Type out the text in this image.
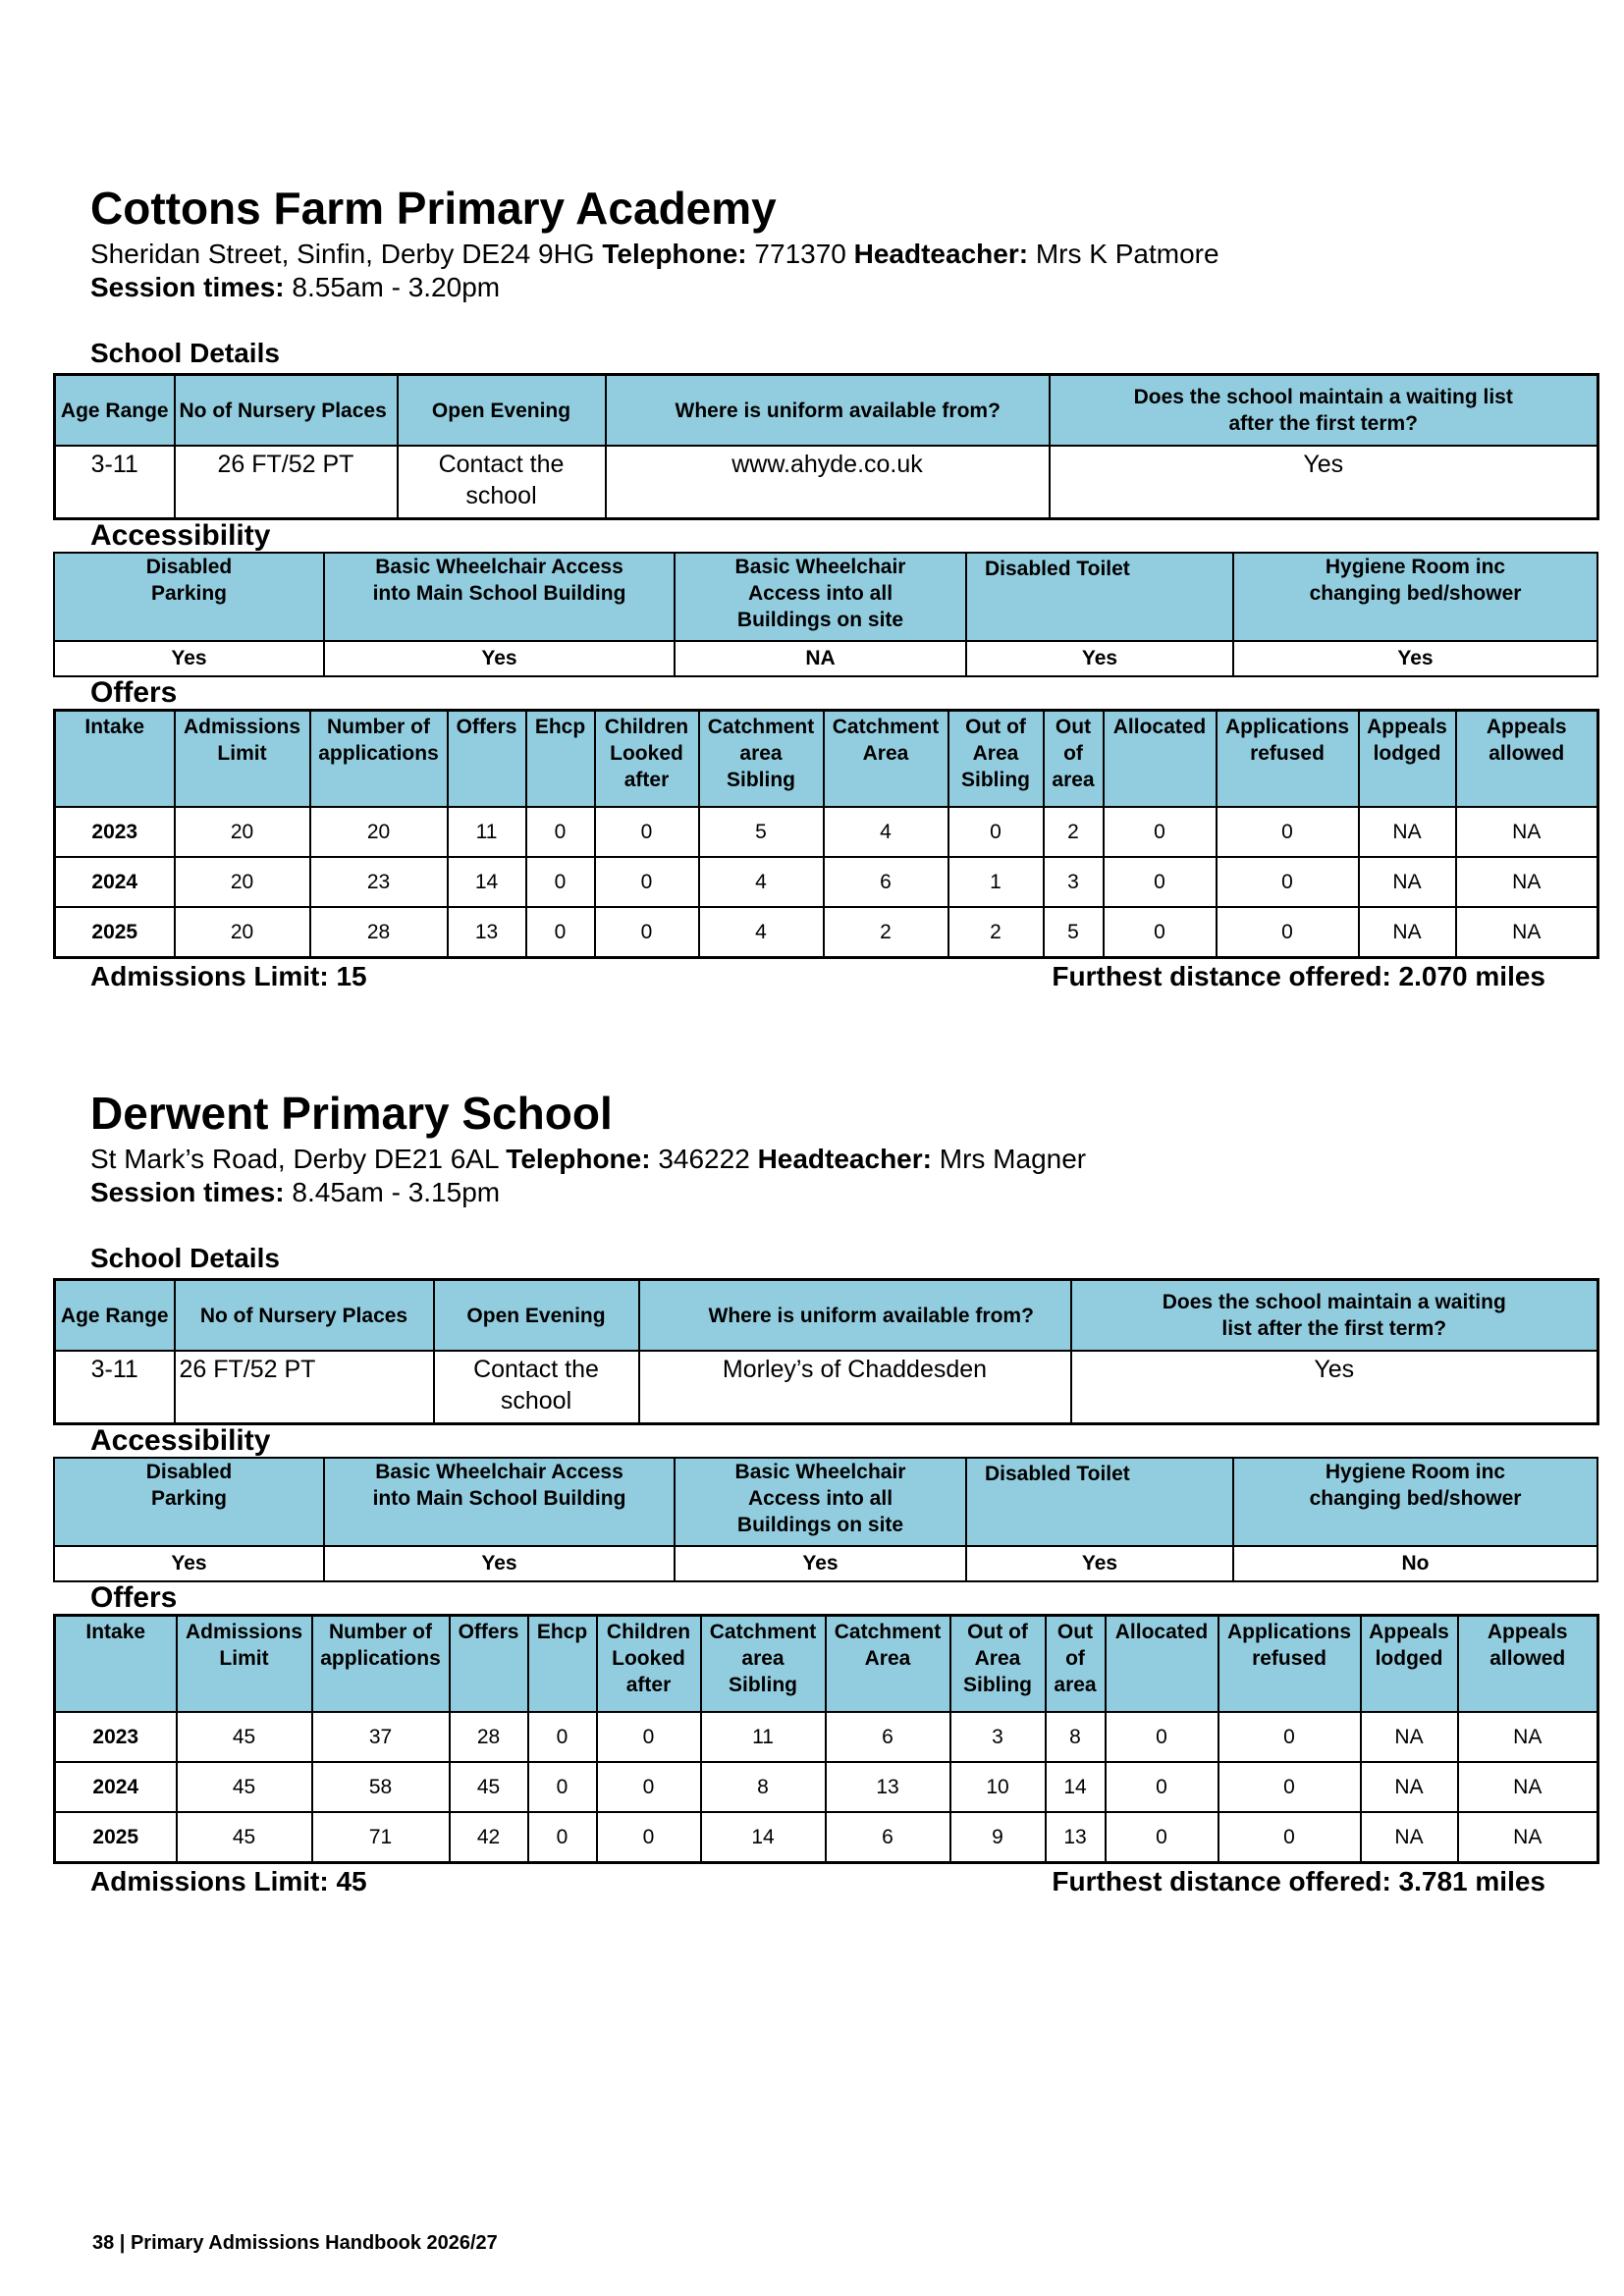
Cottons Farm Primary Academy
Sheridan Street, Sinfin, Derby DE24 9HG Telephone: 771370 Headteacher: Mrs K Patmore
Session times: 8.55am - 3.20pm
School Details
Age Range	No of Nursery Places	Open Evening	Where is uniform available from?	Does the school maintain a waiting list after the first term?
3-11	26 FT/52 PT	Contact the school	www.ahyde.co.uk	Yes
Accessibility
Disabled Parking	Basic Wheelchair Access into Main School Building	Basic Wheelchair Access into all Buildings on site	Disabled Toilet	Hygiene Room inc changing bed/shower
Yes	Yes	NA	Yes	Yes
Offers
Intake	Admissions Limit	Number of applications	Offers	Ehcp	Children Looked after	Catchment area Sibling	Catchment Area	Out of Area Sibling	Out of area	Allocated	Applications refused	Appeals lodged	Appeals allowed
2023	20	20	11	0	0	5	4	0	2	0	0	NA	NA
2024	20	23	14	0	0	4	6	1	3	0	0	NA	NA
2025	20	28	13	0	0	4	2	2	5	0	0	NA	NA
Admissions Limit: 15	Furthest distance offered: 2.070 miles
Derwent Primary School
St Mark’s Road, Derby DE21 6AL Telephone: 346222 Headteacher: Mrs Magner
Session times: 8.45am - 3.15pm
School Details
Age Range	No of Nursery Places	Open Evening	Where is uniform available from?	Does the school maintain a waiting list after the first term?
3-11	26 FT/52 PT	Contact the school	Morley’s of Chaddesden	Yes
Accessibility
Disabled Parking	Basic Wheelchair Access into Main School Building	Basic Wheelchair Access into all Buildings on site	Disabled Toilet	Hygiene Room inc changing bed/shower
Yes	Yes	Yes	Yes	No
Offers
Intake	Admissions Limit	Number of applications	Offers	Ehcp	Children Looked after	Catchment area Sibling	Catchment Area	Out of Area Sibling	Out of area	Allocated	Applications refused	Appeals lodged	Appeals allowed
2023	45	37	28	0	0	11	6	3	8	0	0	NA	NA
2024	45	58	45	0	0	8	13	10	14	0	0	NA	NA
2025	45	71	42	0	0	14	6	9	13	0	0	NA	NA
Admissions Limit: 45	Furthest distance offered: 3.781 miles
38 | Primary Admissions Handbook 2026/27
